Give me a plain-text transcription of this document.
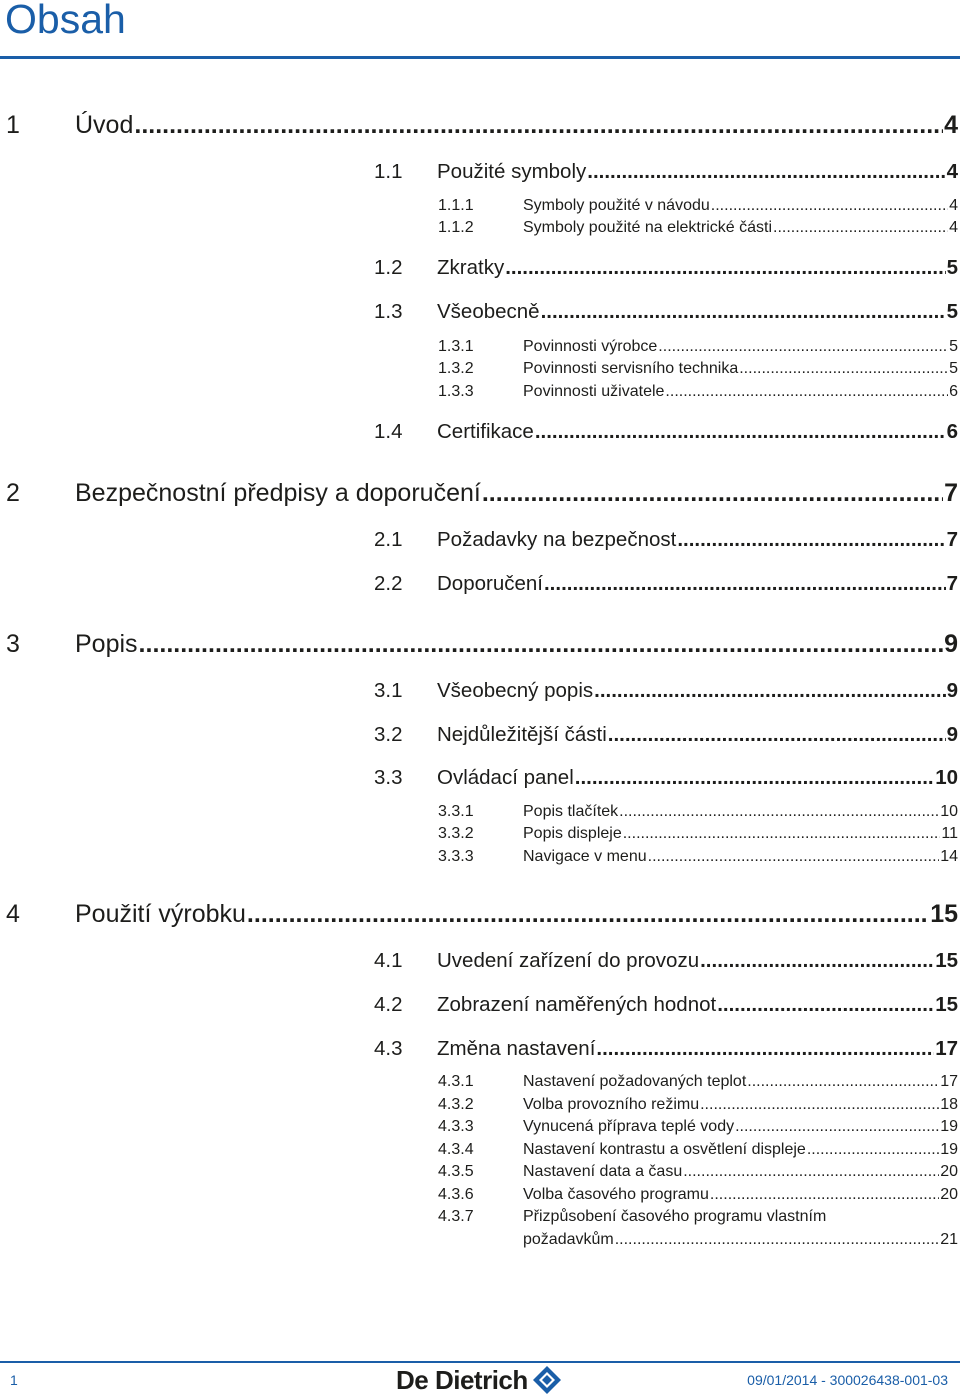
Obsah
1 Úvod .....	4
1.1 Použité symboly .....	4
1.1.1	Symboly použité v návodu .....	4
1.1.2	Symboly použité na elektrické části .....	4
1.2 Zkratky .....	5
1.3 Všeobecně .....	5
1.3.1	Povinnosti výrobce .....	5
1.3.2	Povinnosti servisního technika .....	5
1.3.3	Povinnosti uživatele .....	6
1.4 Certifikace .....	6
2 Bezpečnostní předpisy a doporučení .....	7
2.1 Požadavky na bezpečnost .....	7
2.2 Doporučení .....	7
3 Popis .....	9
3.1 Všeobecný popis .....	9
3.2 Nejdůležitější části .....	9
3.3 Ovládací panel .....	10
3.3.1	Popis tlačítek .....	10
3.3.2	Popis displeje .....	11
3.3.3	Navigace v menu .....	14
4 Použití výrobku .....	15
4.1 Uvedení zařízení do provozu .....	15
4.2 Zobrazení naměřených hodnot .....	15
4.3 Změna nastavení .....	17
4.3.1	Nastavení požadovaných teplot .....	17
4.3.2	Volba provozního režimu .....	18
4.3.3	Vynucená příprava teplé vody .....	19
4.3.4	Nastavení kontrastu a osvětlení displeje .....	19
4.3.5	Nastavení data a času .....	20
4.3.6	Volba časového programu .....	20
4.3.7	Přizpůsobení časového programu vlastním
požadavkům .....	21
1	De Dietrich	09/01/2014 - 300026438-001-03
